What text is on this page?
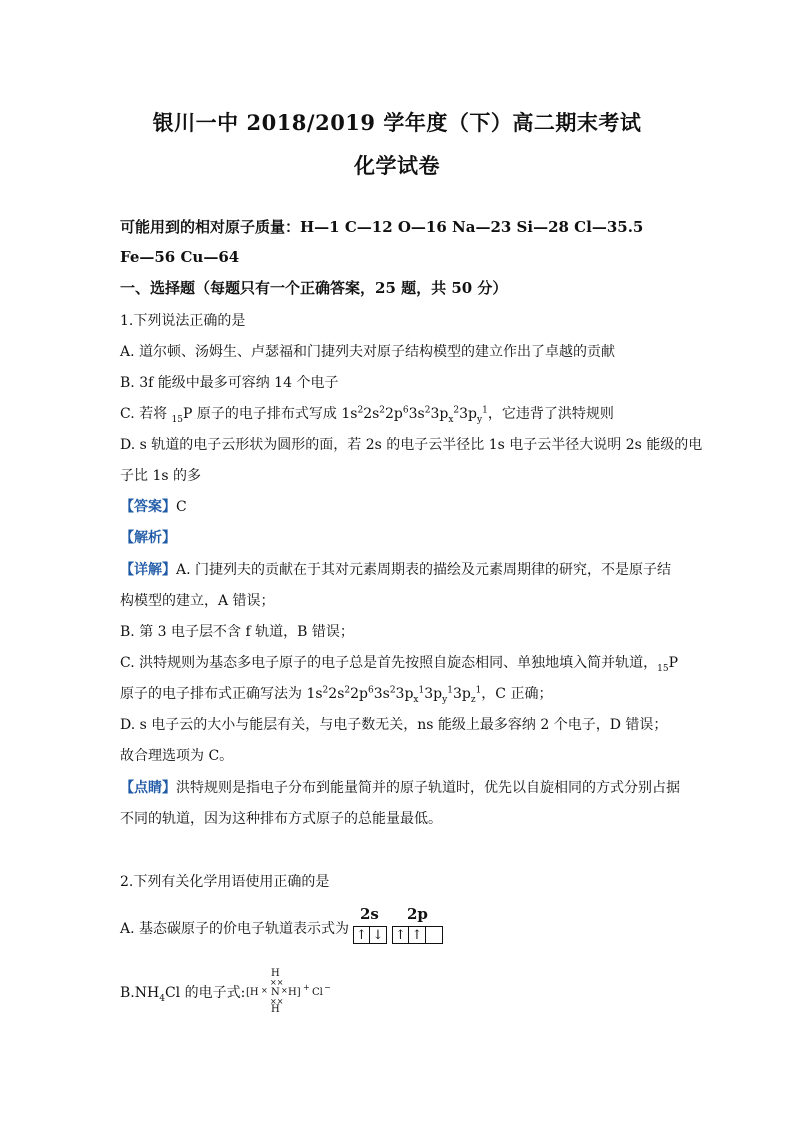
银川一中 2018/2019 学年度（下）高二期末考试
化学试卷
可能用到的相对原子质量：H—1 C—12 O—16 Na—23 Si—28 Cl—35.5
Fe—56 Cu—64
一、选择题（每题只有一个正确答案，25 题，共 50 分）
1.下列说法正确的是
A. 道尔顿、汤姆生、卢瑟福和门捷列夫对原子结构模型的建立作出了卓越的贡献
B. 3f 能级中最多可容纳 14 个电子
C. 若将 $_{15}$P 原子的电子排布式写成 $1s^22s^22p^63s^23p_x^23p_y^1$，它违背了洪特规则
D. s 轨道的电子云形状为圆形的面，若 2s 的电子云半径比 1s 电子云半径大说明 2s 能级的电
子比 1s 的多
【答案】C
【解析】
【详解】A. 门捷列夫的贡献在于其对元素周期表的描绘及元素周期律的研究，不是原子结
构模型的建立，A 错误；
B. 第 3 电子层不含 f 轨道，B 错误；
C. 洪特规则为基态多电子原子的电子总是首先按照自旋态相同、单独地填入简并轨道，$_{15}$P
原子的电子排布式正确写法为 $1s^22s^22p^63s^23p_x^13p_y^13p_z^1$，C 正确；
D. s 电子云的大小与能层有关，与电子数无关，ns 能级上最多容纳 2 个电子，D 错误；
故合理选项为 C。
【点睛】洪特规则是指电子分布到能量简并的原子轨道时，优先以自旋相同的方式分别占据
不同的轨道，因为这种排布方式原子的总能量最低。
2.下列有关化学用语使用正确的是
A. 基态碳原子的价电子轨道表示式为
2s 2p
↑ ↓ ↑ ↑
$B.NH_4Cl$ 的电子式:
H
××
[H × N × H] + Cl −
××
H
